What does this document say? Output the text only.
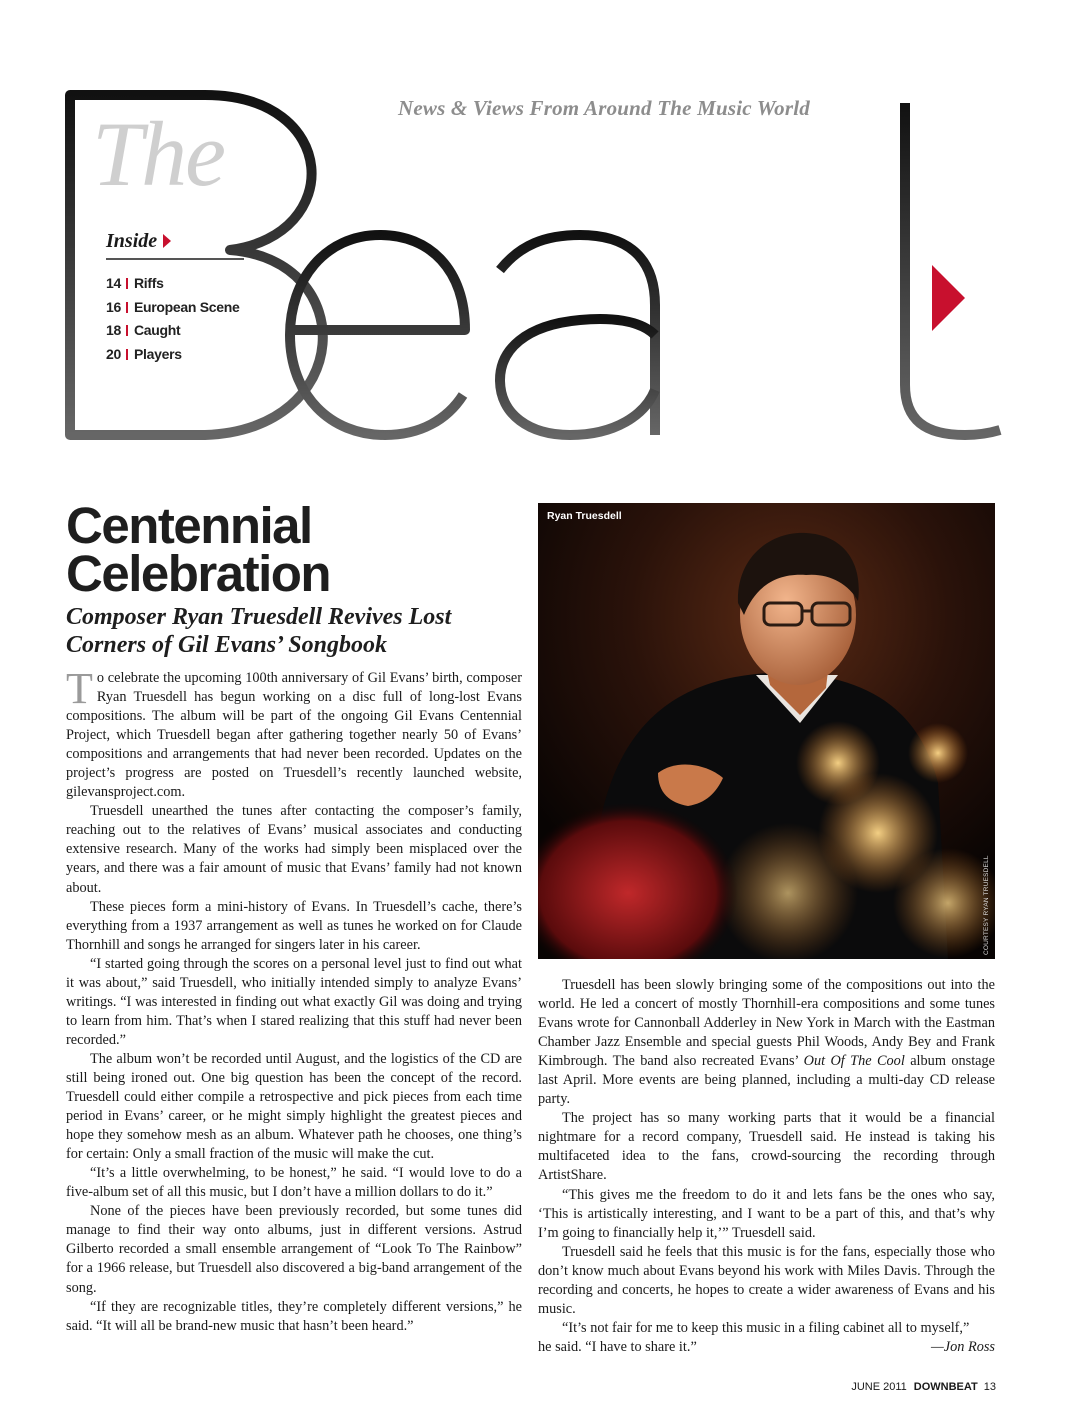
News & Views From Around The Music World
The
Inside
14 Riffs
16 European Scene
18 Caught
20 Players
Centennial Celebration
Composer Ryan Truesdell Revives Lost Corners of Gil Evans’ Songbook

To celebrate the upcoming 100th anniversary of Gil Evans’ birth, composer Ryan Truesdell has begun working on a disc full of long-lost Evans compositions. The album will be part of the ongoing Gil Evans Centennial Project, which Truesdell began after gathering together nearly 50 of Evans’ compositions and arrangements that had never been recorded. Updates on the project’s progress are posted on Truesdell’s recently launched website, gilevansproject.com.

Truesdell unearthed the tunes after contacting the composer’s family, reaching out to the relatives of Evans’ musical associates and conducting extensive research. Many of the works had simply been misplaced over the years, and there was a fair amount of music that Evans’ family had not known about.

These pieces form a mini-history of Evans. In Truesdell’s cache, there’s everything from a 1937 arrangement as well as tunes he worked on for Claude Thornhill and songs he arranged for singers later in his career.

“I started going through the scores on a personal level just to find out what it was about,” said Truesdell, who initially intended simply to analyze Evans’ writings. “I was interested in finding out what exactly Gil was doing and trying to learn from him. That’s when I stared realizing that this stuff had never been recorded.”

The album won’t be recorded until August, and the logistics of the CD are still being ironed out. One big question has been the concept of the record. Truesdell could either compile a retrospective and pick pieces from each time period in Evans’ career, or he might simply highlight the greatest pieces and hope they somehow mesh as an album. Whatever path he chooses, one thing’s for certain: Only a small fraction of the music will make the cut.

“It’s a little overwhelming, to be honest,” he said. “I would love to do a five-album set of all this music, but I don’t have a million dollars to do it.”

None of the pieces have been previously recorded, but some tunes did manage to find their way onto albums, just in different versions. Astrud Gilberto recorded a small ensemble arrangement of “Look To The Rainbow” for a 1966 release, but Truesdell also discovered a big-band arrangement of the song.

“If they are recognizable titles, they’re completely different versions,” he said. “It will all be brand-new music that hasn’t been heard.”

Ryan Truesdell
COURTESY RYAN TRUESDELL

Truesdell has been slowly bringing some of the compositions out into the world. He led a concert of mostly Thornhill-era compositions and some tunes Evans wrote for Cannonball Adderley in New York in March with the Eastman Chamber Jazz Ensemble and special guests Phil Woods, Andy Bey and Frank Kimbrough. The band also recreated Evans’ Out Of The Cool album onstage last April. More events are being planned, including a multi-day CD release party.

The project has so many working parts that it would be a financial nightmare for a record company, Truesdell said. He instead is taking his multifaceted idea to the fans, crowd-sourcing the recording through ArtistShare.

“This gives me the freedom to do it and lets fans be the ones who say, ‘This is artistically interesting, and I want to be a part of this, and that’s why I’m going to financially help it,’” Truesdell said.

Truesdell said he feels that this music is for the fans, especially those who don’t know much about Evans beyond his work with Miles Davis. Through the recording and concerts, he hopes to create a wider awareness of Evans and his music.

“It’s not fair for me to keep this music in a filing cabinet all to myself,”

he said. “I have to share it.”	—Jon Ross

JUNE 2011 DOWNBEAT 13
